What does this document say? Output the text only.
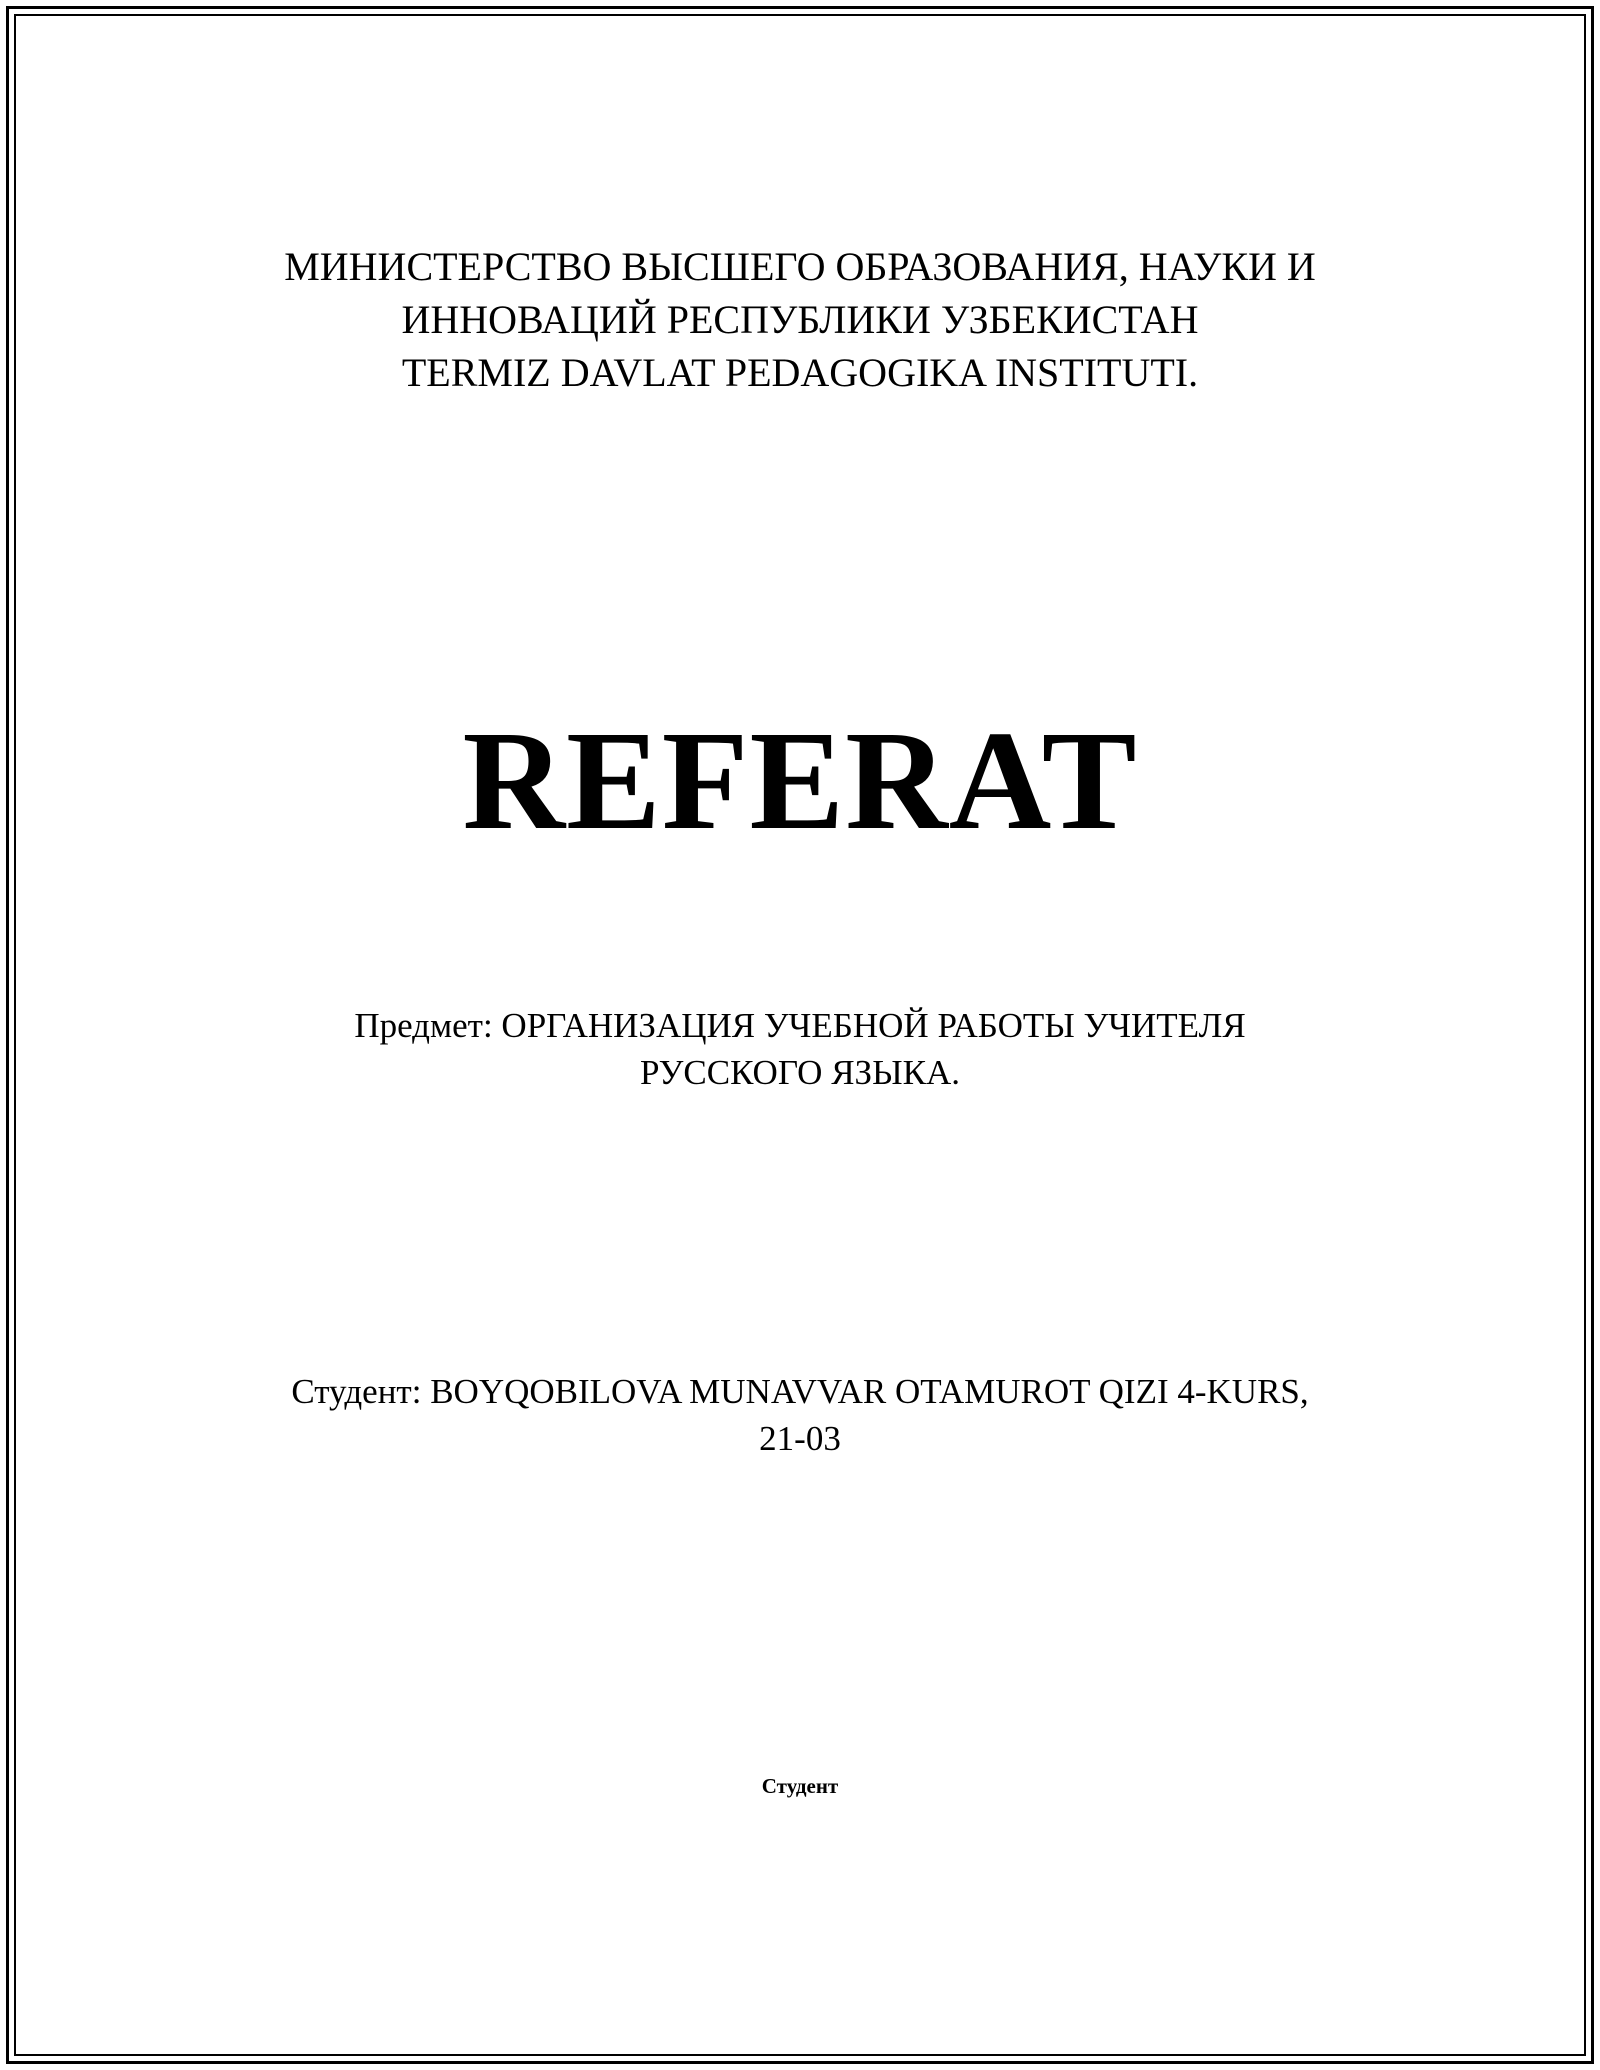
МИНИСТЕРСТВО ВЫСШЕГО ОБРАЗОВАНИЯ, НАУКИ И
ИННОВАЦИЙ РЕСПУБЛИКИ УЗБЕКИСТАН
TERMIZ DAVLAT PEDAGOGIKA INSTITUTI.
REFERAT
Предмет: ОРГАНИЗАЦИЯ УЧЕБНОЙ РАБОТЫ УЧИТЕЛЯ
РУССКОГО ЯЗЫКА.
Студент: BOYQOBILOVA MUNAVVAR OTAMUROT QIZI 4-KURS,
21-03
Студент
